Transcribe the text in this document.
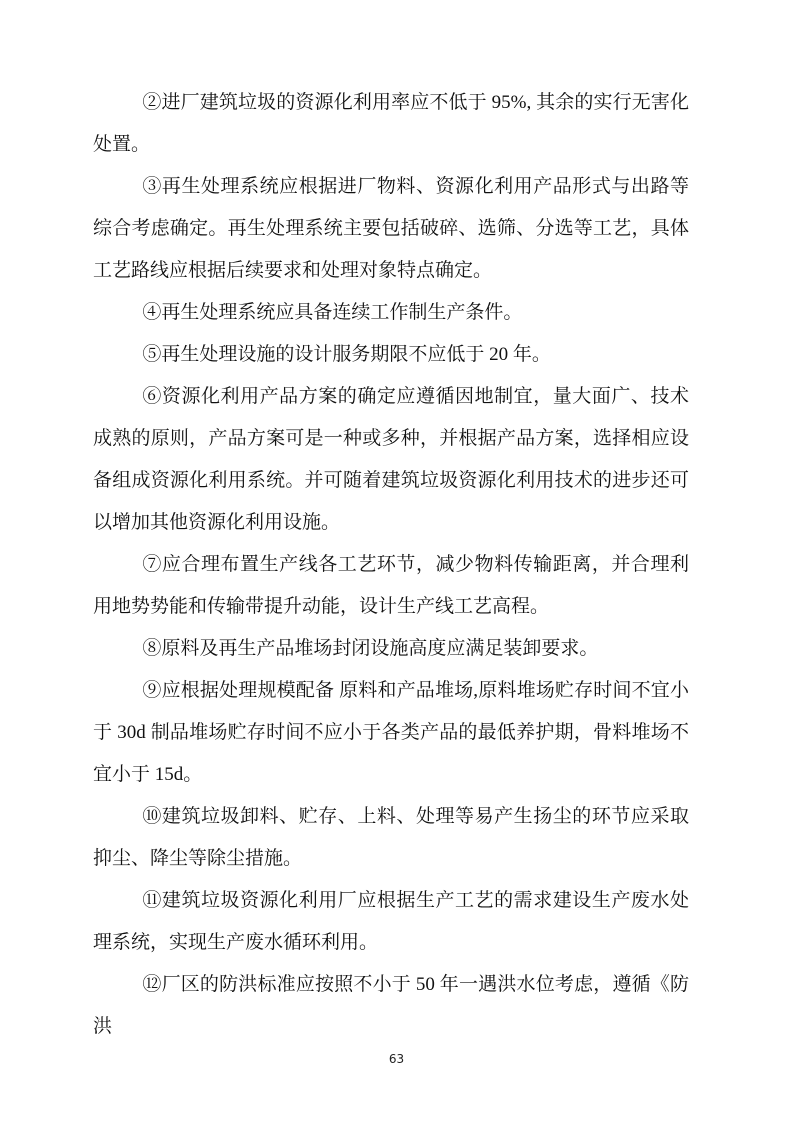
②进厂建筑垃圾的资源化利用率应不低于 95%, 其余的实行无害化处置。

③再生处理系统应根据进厂物料、资源化利用产品形式与出路等综合考虑确定。再生处理系统主要包括破碎、选筛、分选等工艺，具体工艺路线应根据后续要求和处理对象特点确定。

④再生处理系统应具备连续工作制生产条件。

⑤再生处理设施的设计服务期限不应低于 20 年。

⑥资源化利用产品方案的确定应遵循因地制宜，量大面广、技术成熟的原则，产品方案可是一种或多种，并根据产品方案，选择相应设备组成资源化利用系统。并可随着建筑垃圾资源化利用技术的进步还可以增加其他资源化利用设施。

⑦应合理布置生产线各工艺环节，减少物料传输距离，并合理利用地势势能和传输带提升动能，设计生产线工艺高程。

⑧原料及再生产品堆场封闭设施高度应满足装卸要求。

⑨应根据处理规模配备 原料和产品堆场,原料堆场贮存时间不宜小于 30d 制品堆场贮存时间不应小于各类产品的最低养护期，骨料堆场不宜小于 15d。

⑩建筑垃圾卸料、贮存、上料、处理等易产生扬尘的环节应采取抑尘、降尘等除尘措施。

⑪建筑垃圾资源化利用厂应根据生产工艺的需求建设生产废水处理系统，实现生产废水循环利用。

⑫厂区的防洪标准应按照不小于 50 年一遇洪水位考虑，遵循《防洪

63
